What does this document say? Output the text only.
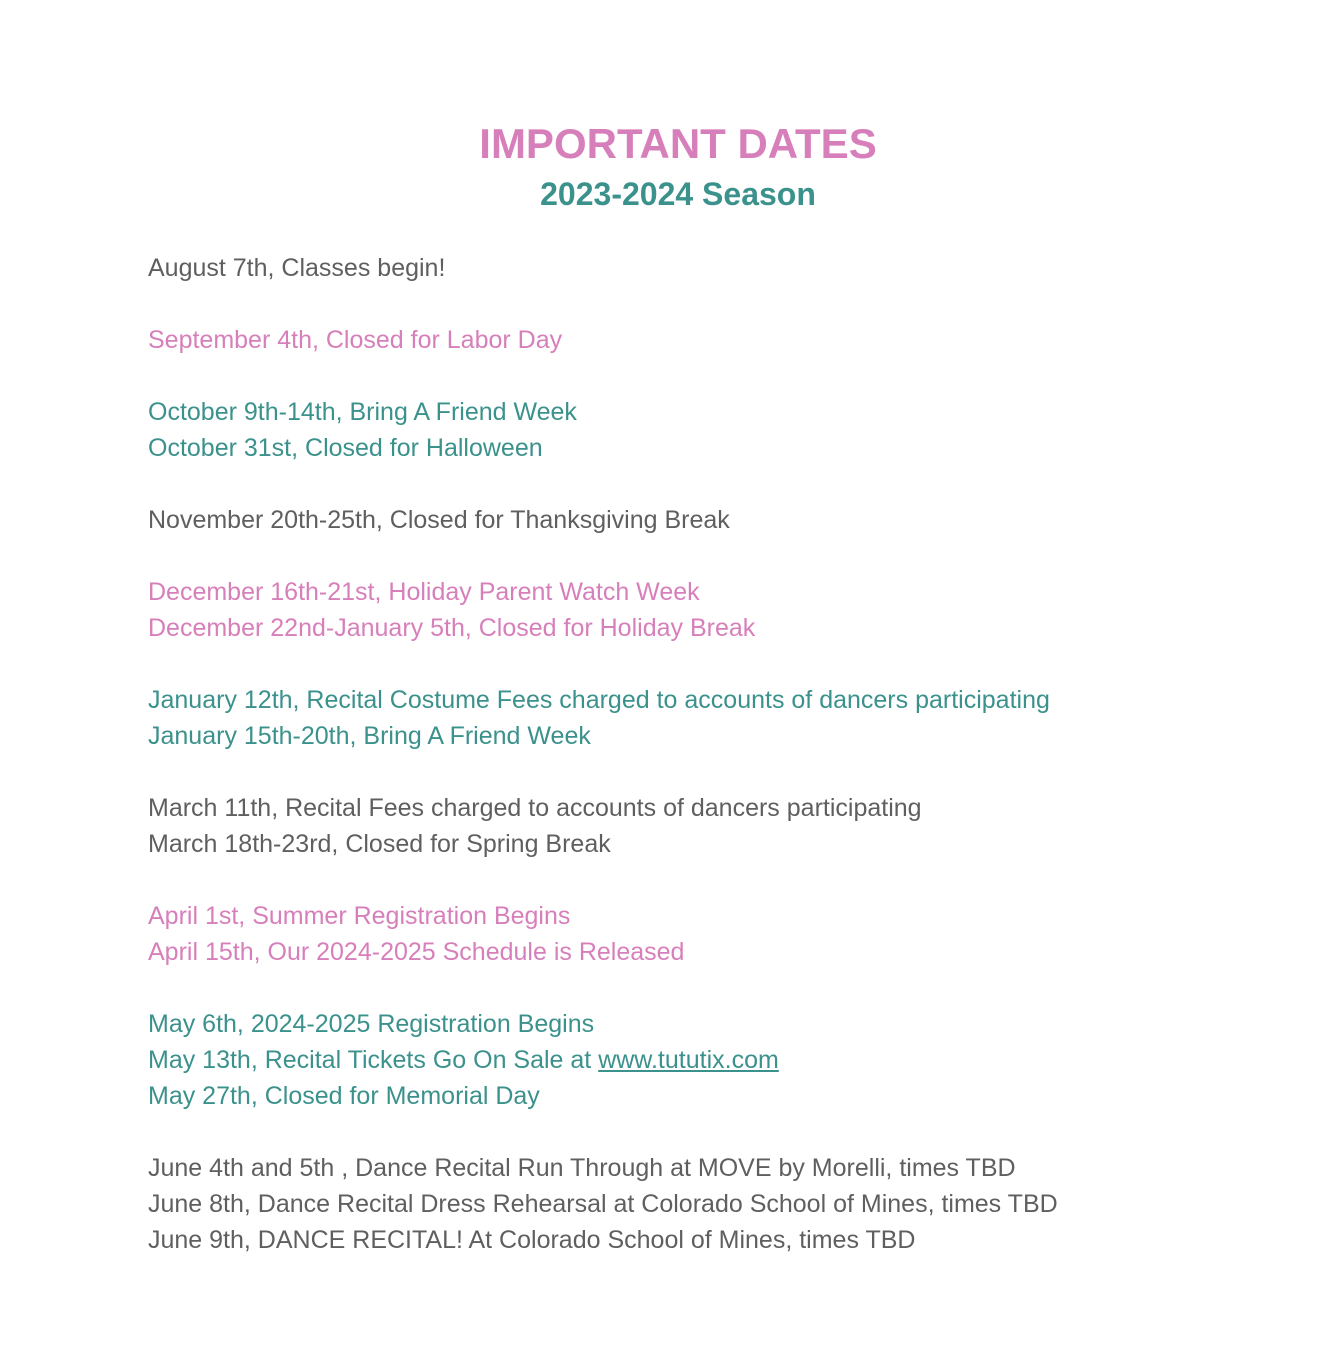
IMPORTANT DATES
2023-2024 Season
August 7th, Classes begin!
September 4th, Closed for Labor Day
October 9th-14th, Bring A Friend Week
October 31st, Closed for Halloween
November 20th-25th, Closed for Thanksgiving Break
December 16th-21st, Holiday Parent Watch Week
December 22nd-January 5th, Closed for Holiday Break
January 12th, Recital Costume Fees charged to accounts of dancers participating
January 15th-20th, Bring A Friend Week
March 11th, Recital Fees charged to accounts of dancers participating
March 18th-23rd, Closed for Spring Break
April 1st, Summer Registration Begins
April 15th, Our 2024-2025 Schedule is Released
May 6th, 2024-2025 Registration Begins
May 13th, Recital Tickets Go On Sale at www.tututix.com
May 27th, Closed for Memorial Day
June 4th and 5th , Dance Recital Run Through at MOVE by Morelli, times TBD
June 8th, Dance Recital Dress Rehearsal at Colorado School of Mines, times TBD
June 9th, DANCE RECITAL! At Colorado School of Mines, times TBD
